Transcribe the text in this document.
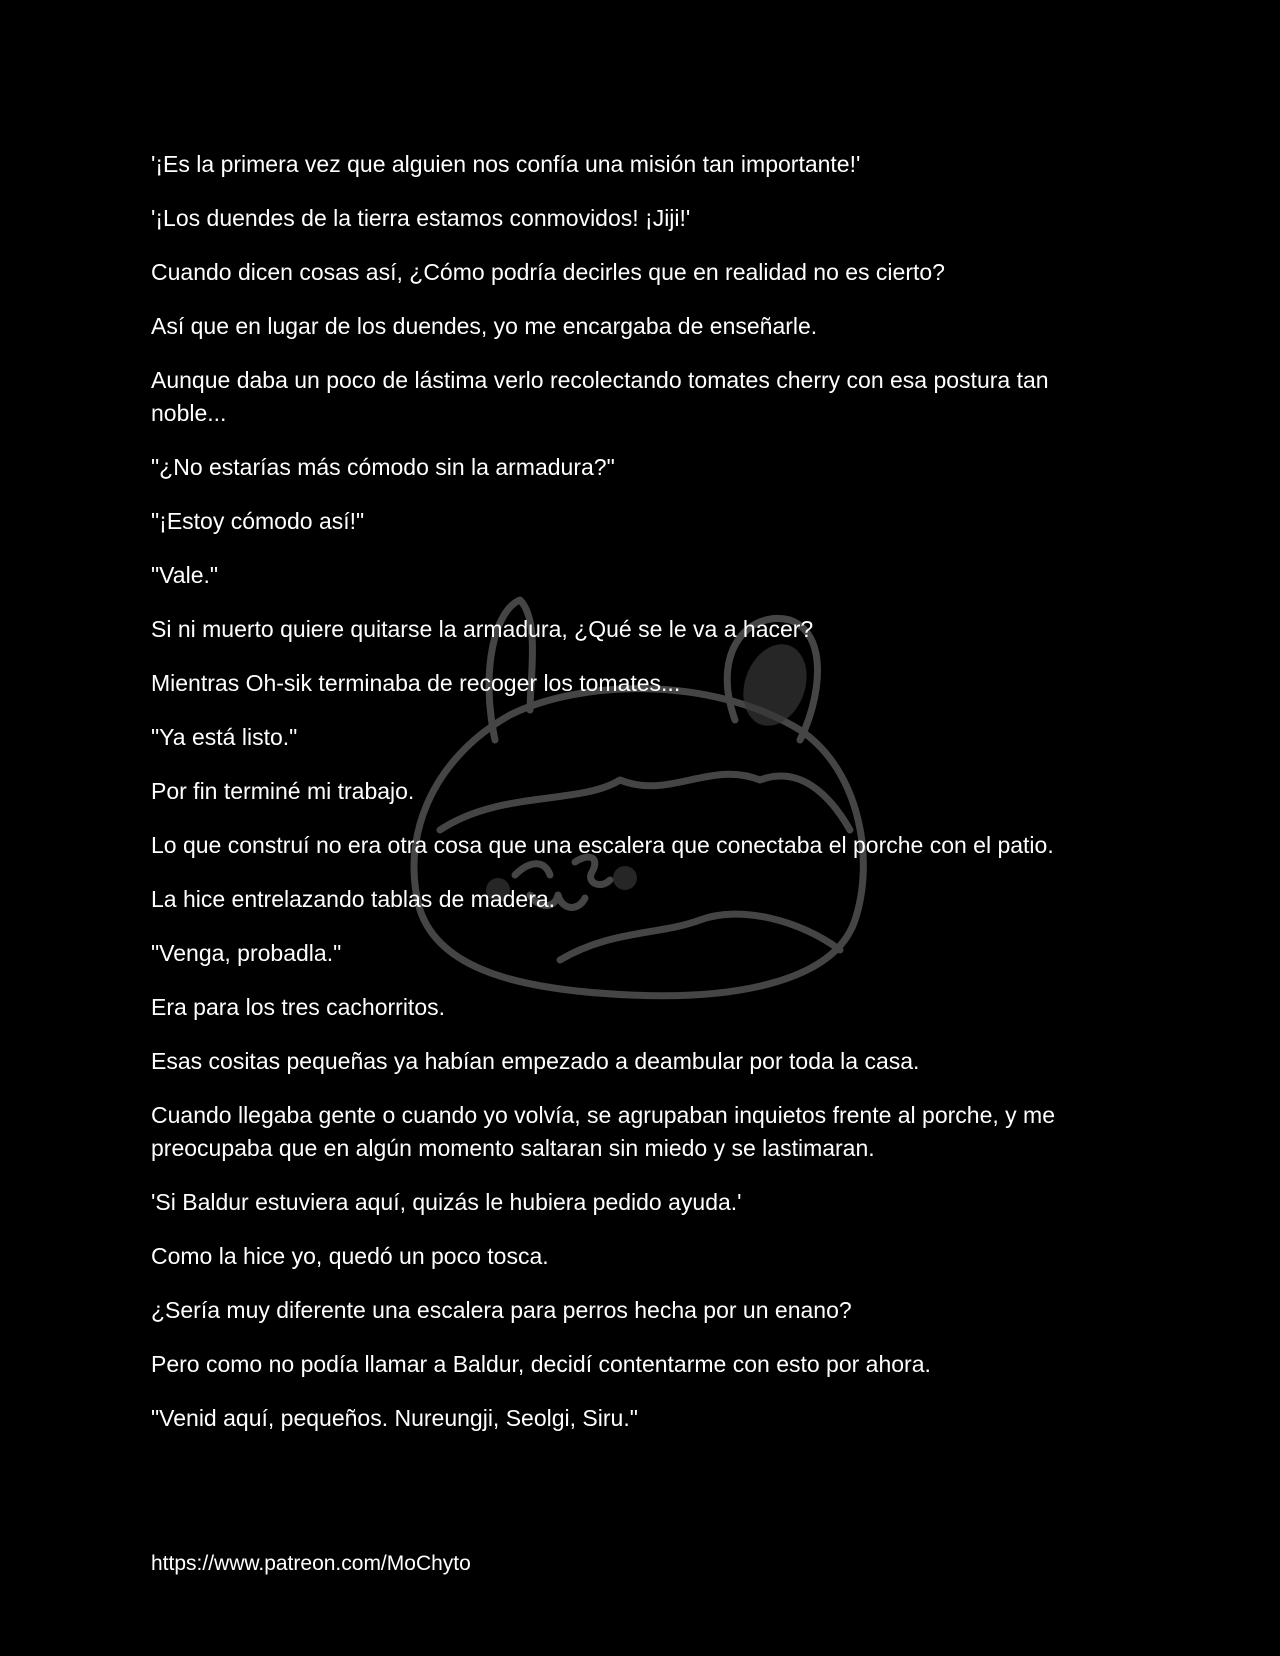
'¡Es la primera vez que alguien nos confía una misión tan importante!'

'¡Los duendes de la tierra estamos conmovidos! ¡Jiji!'

Cuando dicen cosas así, ¿Cómo podría decirles que en realidad no es cierto?

Así que en lugar de los duendes, yo me encargaba de enseñarle.

Aunque daba un poco de lástima verlo recolectando tomates cherry con esa postura tan noble...

"¿No estarías más cómodo sin la armadura?"

"¡Estoy cómodo así!"

"Vale."

Si ni muerto quiere quitarse la armadura, ¿Qué se le va a hacer?

Mientras Oh-sik terminaba de recoger los tomates...

"Ya está listo."

Por fin terminé mi trabajo.

Lo que construí no era otra cosa que una escalera que conectaba el porche con el patio.

La hice entrelazando tablas de madera.

"Venga, probadla."

Era para los tres cachorritos.

Esas cositas pequeñas ya habían empezado a deambular por toda la casa.

Cuando llegaba gente o cuando yo volvía, se agrupaban inquietos frente al porche, y me preocupaba que en algún momento saltaran sin miedo y se lastimaran.

'Si Baldur estuviera aquí, quizás le hubiera pedido ayuda.'

Como la hice yo, quedó un poco tosca.

¿Sería muy diferente una escalera para perros hecha por un enano?

Pero como no podía llamar a Baldur, decidí contentarme con esto por ahora.

"Venid aquí, pequeños. Nureungji, Seolgi, Siru."

https://www.patreon.com/MoChyto
